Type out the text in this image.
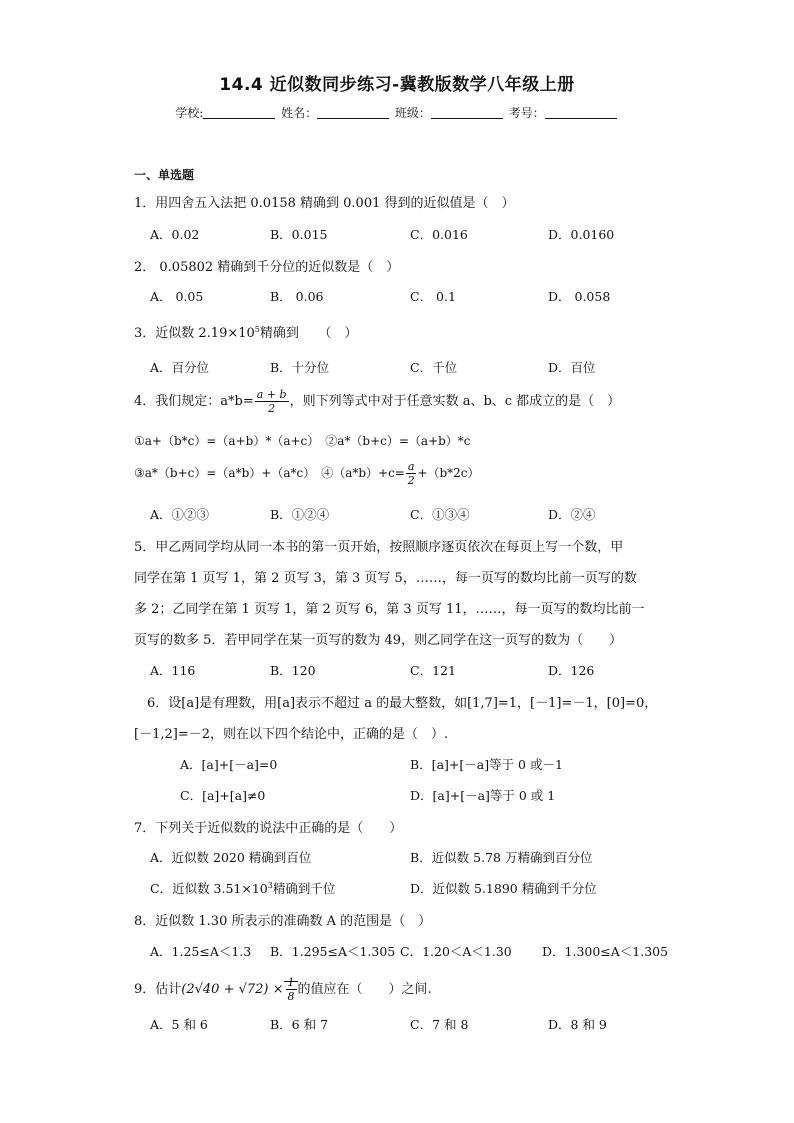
14.4 近似数同步练习-冀教版数学八年级上册
学校:	姓名：	班级：	考号：
一、单选题
1．用四舍五入法把 0.0158 精确到 0.001 得到的近似值是（　）
A．0.02	B．0.015	C．0.016	D．0.0160
2． 0.05802 精确到千分位的近似数是（　）
A． 0.05	B． 0.06	C． 0.1	D． 0.058
3．近似数 $2.19\times 10^5$精确到　　（　）
A．百分位	B．十分位	C．千位	D．百位
4．我们规定：$a*b= \frac{a + b}{2}$ ，则下列等式中对于任意实数 a、b、c 都成立的是（　）
①a+（b*c）=（a+b）*（a+c）　②a*（b+c）=（a+b）*c
③a*（b+c）=（a*b）+（a*c）　④（a*b）+c= $\frac{a}{2} +(b*2c)$
A．①②③	B．①②④	C．①③④	D．②④
5．甲乙两同学均从同一本书的第一页开始，按照顺序逐页依次在每页上写一个数，甲
同学在第 1 页写 1，第 2 页写 3，第 3 页写 5，……，每一页写的数均比前一页写的数
多 2；乙同学在第 1 页写 1，第 2 页写 6，第 3 页写 11，……，每一页写的数均比前一
页写的数多 5．若甲同学在某一页写的数为 49，则乙同学在这一页写的数为（　　）
A．116	B．120	C．121	D．126
　6．设[a]是有理数，用[a]表示不超过 a 的最大整数，如[1,7]=1，[－1]=－1，[0]=0，
[－1,2]=－2，则在以下四个结论中，正确的是（　）.
A．[a]+[－a]=0	B．[a]+[－a]等于 0 或－1
C．[a]+[a]≠0	D．[a]+[－a]等于 0 或 1
7．下列关于近似数的说法中正确的是（　　）
A．近似数 2020 精确到百位	B．近似数 5.78 万精确到百分位
C．近似数 $3.51\times 10^3$精确到千位	D．近似数 5.1890 精确到千分位
8．近似数 1.30 所表示的准确数 A 的范围是（　）
A．1.25≤A＜1.3 B．1.295≤A＜1.305 C．1.20＜A＜1.30 D．1.300≤A＜1.305
9．估计$(2√40 + √72) \times \frac{1}{8}$ 的值应在（　　）之间.
A．5 和 6	B．6 和 7	C．7 和 8	D．8 和 9
